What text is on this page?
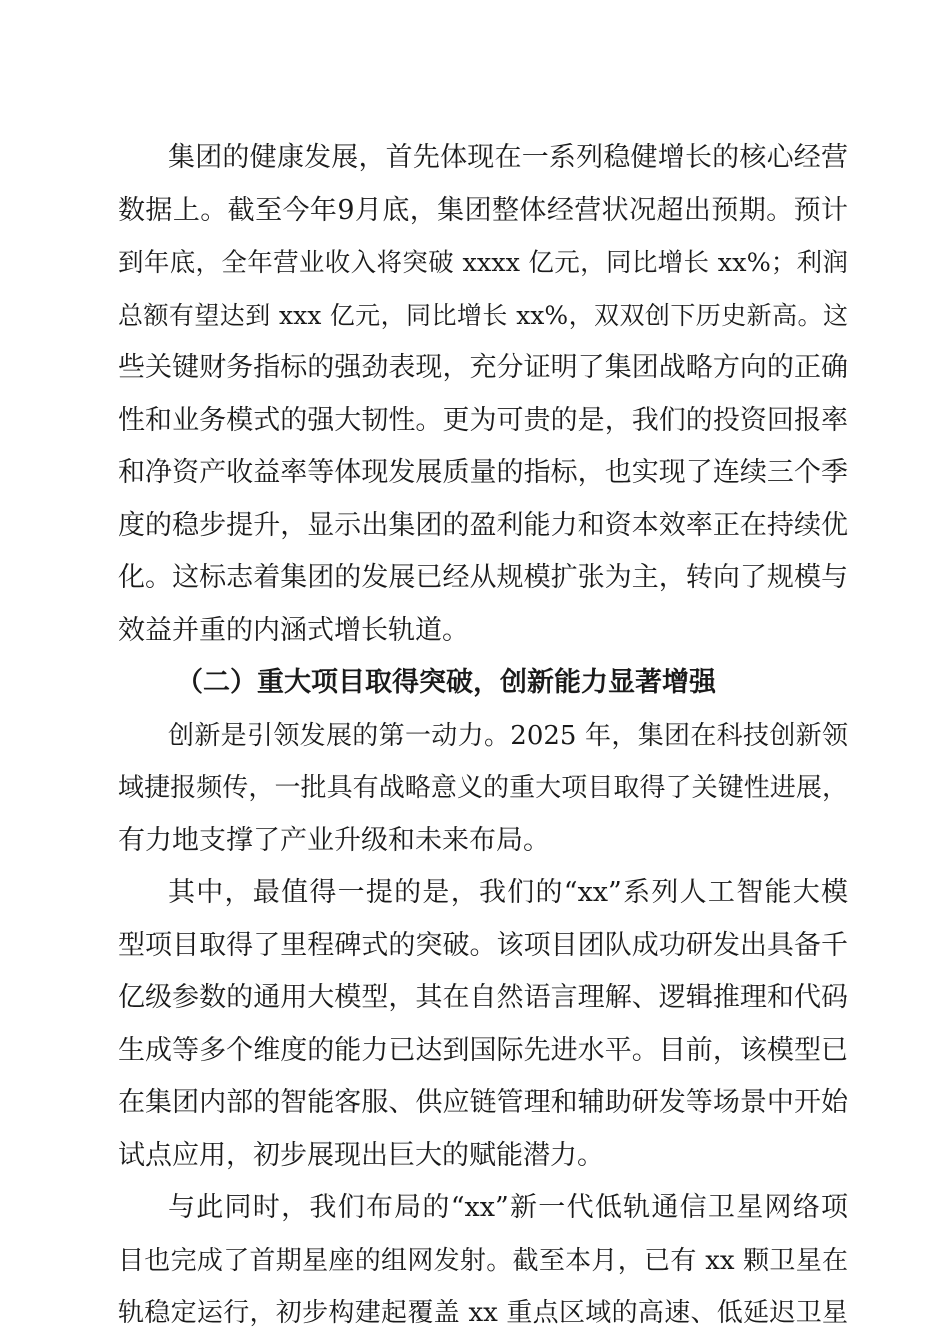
集团的健康发展，首先体现在一系列稳健增长的核心经营
数据上。截至今年9月底，集团整体经营状况超出预期。预计
到年底，全年营业收入将突破 xxxx 亿元，同比增长 xx%；利润
总额有望达到 xxx 亿元，同比增长 xx%，双双创下历史新高。这
些关键财务指标的强劲表现，充分证明了集团战略方向的正确
性和业务模式的强大韧性。更为可贵的是，我们的投资回报率
和净资产收益率等体现发展质量的指标，也实现了连续三个季
度的稳步提升，显示出集团的盈利能力和资本效率正在持续优
化。这标志着集团的发展已经从规模扩张为主，转向了规模与
效益并重的内涵式增长轨道。
（二）重大项目取得突破，创新能力显著增强
创新是引领发展的第一动力。2025 年，集团在科技创新领
域捷报频传，一批具有战略意义的重大项目取得了关键性进展，
有力地支撑了产业升级和未来布局。
其中，最值得一提的是，我们的“xx”系列人工智能大模
型项目取得了里程碑式的突破。该项目团队成功研发出具备千
亿级参数的通用大模型，其在自然语言理解、逻辑推理和代码
生成等多个维度的能力已达到国际先进水平。目前，该模型已
在集团内部的智能客服、供应链管理和辅助研发等场景中开始
试点应用，初步展现出巨大的赋能潜力。
与此同时，我们布局的“xx”新一代低轨通信卫星网络项
目也完成了首期星座的组网发射。截至本月，已有 xx 颗卫星在
轨稳定运行，初步构建起覆盖 xx 重点区域的高速、低延迟卫星
